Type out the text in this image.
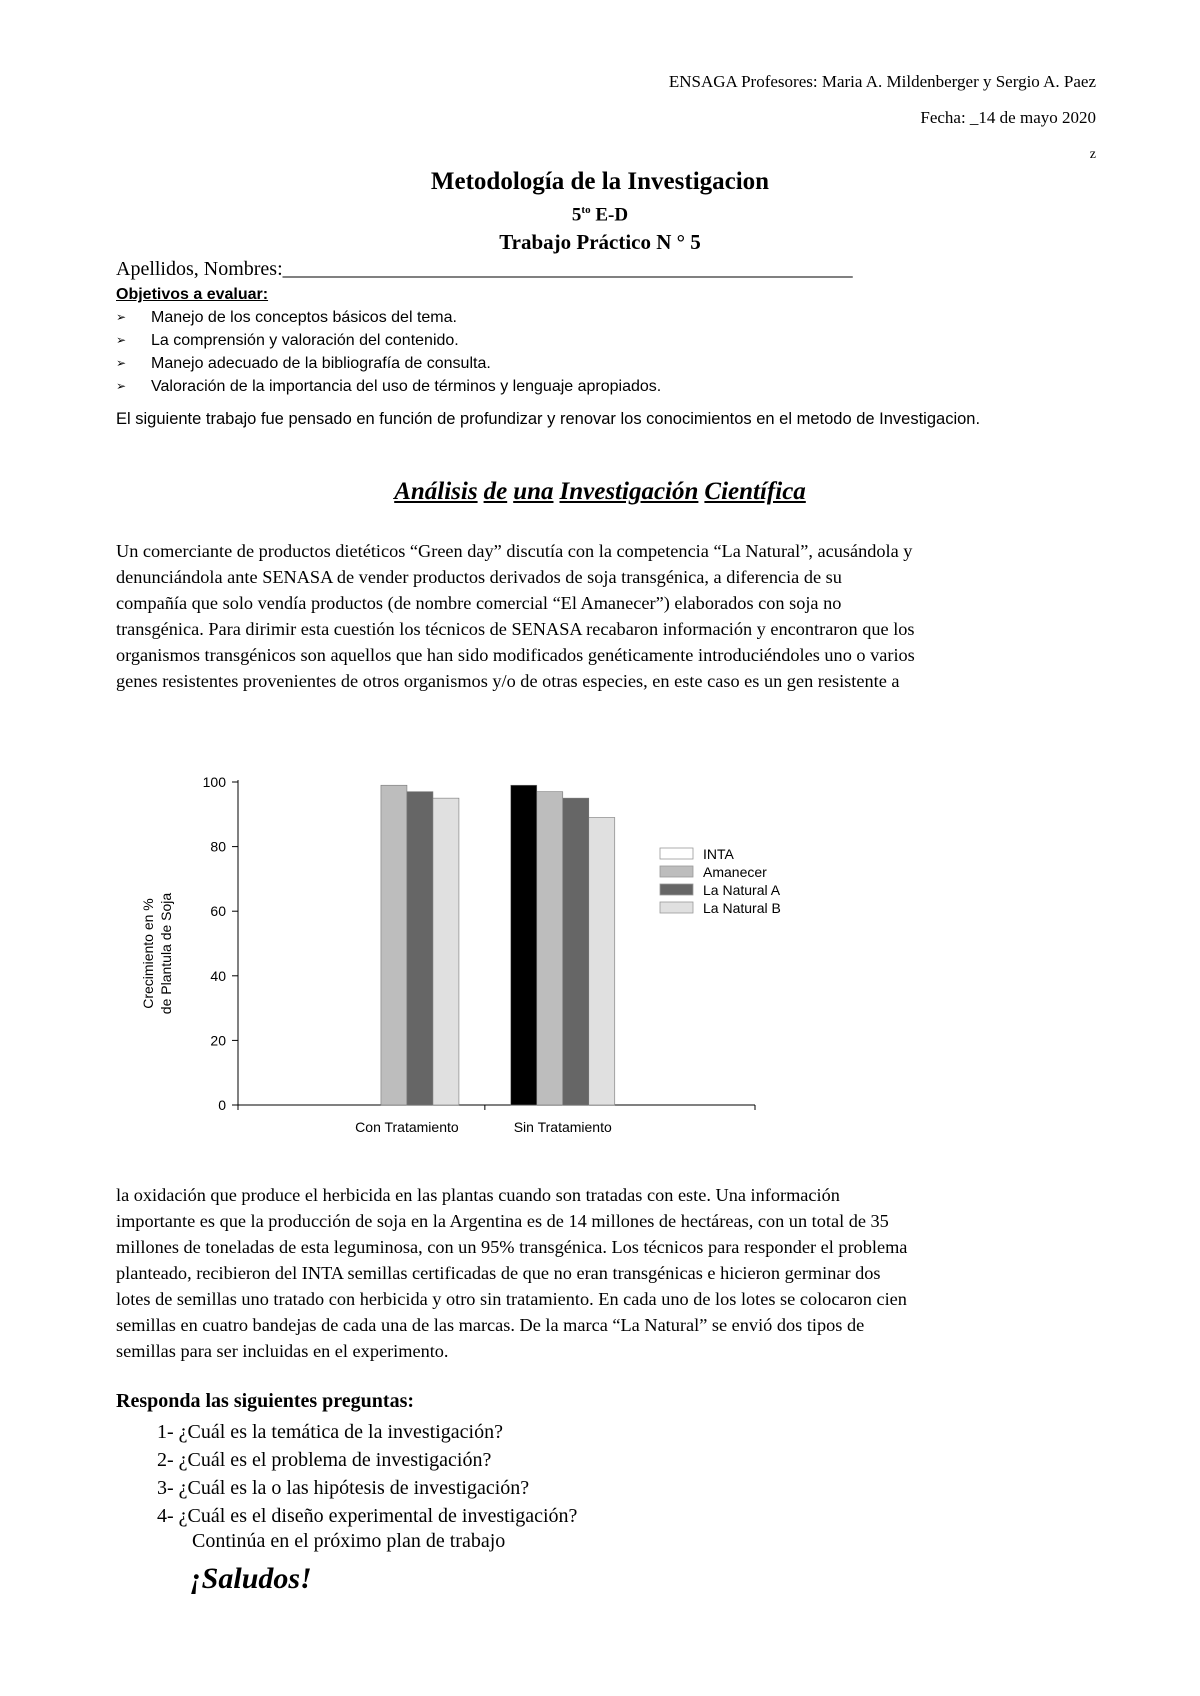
ENSAGA Profesores: Maria A. Mildenberger y Sergio A. Paez
Fecha: _14 de mayo 2020
z
Metodología de la Investigacion
$5^{to}$ E-D
Trabajo Práctico N ° 5
Apellidos, Nombres:_________________________________________________________
Objetivos a evaluar:
➢	Manejo de los conceptos básicos del tema.
➢	La comprensión y valoración del contenido.
➢	Manejo adecuado de la bibliografía de consulta.
➢	Valoración de la importancia del uso de términos y lenguaje apropiados.
El siguiente trabajo fue pensado en función de profundizar y renovar los conocimientos en el metodo de Investigacion.
Análisis de una Investigación Científica
Un comerciante de productos dietéticos “Green day” discutía con la competencia “La Natural”, acusándola y
denunciándola ante SENASA de vender productos derivados de soja transgénica, a diferencia de su
compañía que solo vendía productos (de nombre comercial “El Amanecer”) elaborados con soja no
transgénica. Para dirimir esta cuestión los técnicos de SENASA recabaron información y encontraron que los
organismos transgénicos son aquellos que han sido modificados genéticamente introduciéndoles uno o varios
genes resistentes provenientes de otros organismos y/o de otras especies, en este caso es un gen resistente a
0
20
40
60
80
100
Crecimiento en % de Plantula de Soja
Con Tratamiento	Sin Tratamiento
INTA
Amanecer
La Natural A
La Natural B
la oxidación que produce el herbicida en las plantas cuando son tratadas con este. Una información
importante es que la producción de soja en la Argentina es de 14 millones de hectáreas, con un total de 35
millones de toneladas de esta leguminosa, con un 95% transgénica. Los técnicos para responder el problema
planteado, recibieron del INTA semillas certificadas de que no eran transgénicas e hicieron germinar dos
lotes de semillas uno tratado con herbicida y otro sin tratamiento. En cada uno de los lotes se colocaron cien
semillas en cuatro bandejas de cada una de las marcas. De la marca “La Natural” se envió dos tipos de
semillas para ser incluidas en el experimento.
Responda las siguientes preguntas:
1- ¿Cuál es la temática de la investigación?
2- ¿Cuál es el problema de investigación?
3- ¿Cuál es la o las hipótesis de investigación?
4- ¿Cuál es el diseño experimental de investigación?
Continúa en el próximo plan de trabajo
¡Saludos!
